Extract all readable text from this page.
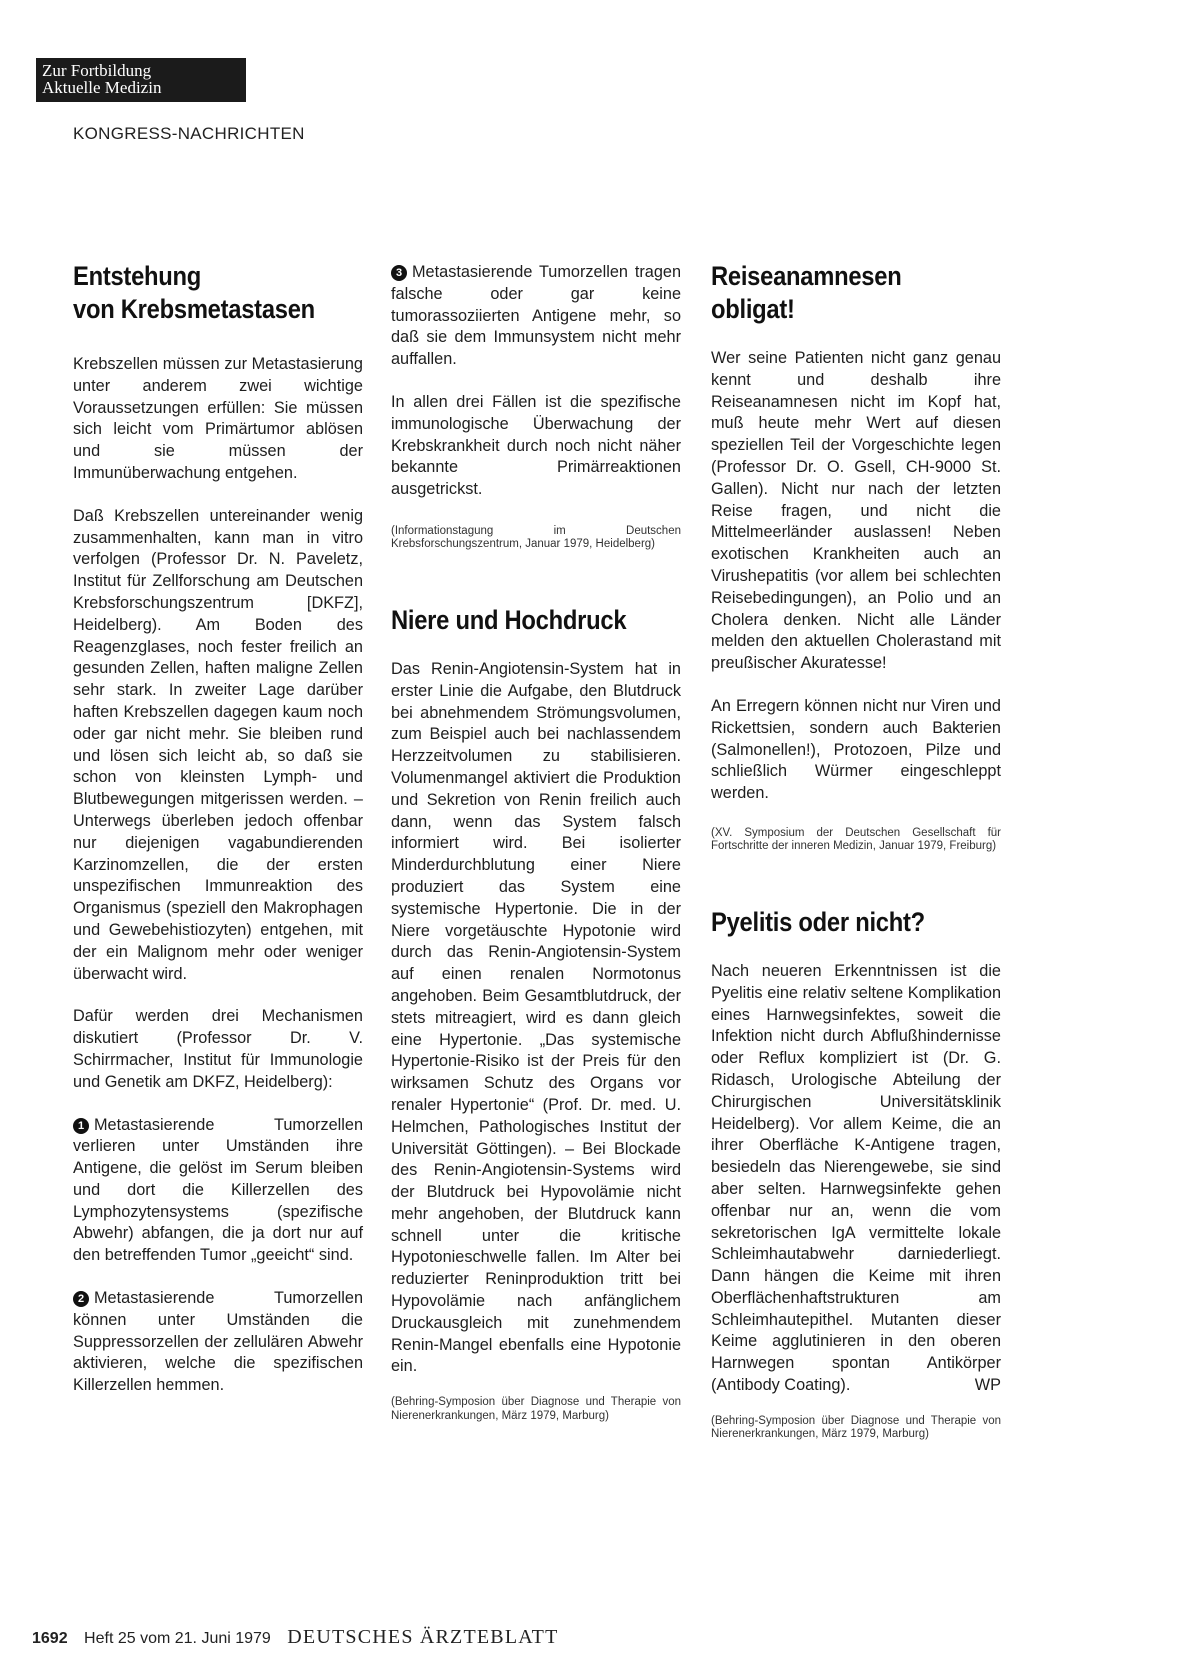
Zur Fortbildung
Aktuelle Medizin
KONGRESS-NACHRICHTEN
Entstehung
von Krebsmetastasen

Krebszellen müssen zur Metastasierung unter anderem zwei wichtige Voraussetzungen erfüllen: Sie müssen sich leicht vom Primärtumor ablösen und sie müssen der Immunüberwachung entgehen.

Daß Krebszellen untereinander wenig zusammenhalten, kann man in vitro verfolgen (Professor Dr. N. Paveletz, Institut für Zellforschung am Deutschen Krebsforschungszentrum [DKFZ], Heidelberg). Am Boden des Reagenzglases, noch fester freilich an gesunden Zellen, haften maligne Zellen sehr stark. In zweiter Lage darüber haften Krebszellen dagegen kaum noch oder gar nicht mehr. Sie bleiben rund und lösen sich leicht ab, so daß sie schon von kleinsten Lymph- und Blutbewegungen mitgerissen werden. – Unterwegs überleben jedoch offenbar nur diejenigen vagabundierenden Karzinomzellen, die der ersten unspezifischen Immunreaktion des Organismus (speziell den Makrophagen und Gewebehistiozyten) entgehen, mit der ein Malignom mehr oder weniger überwacht wird.

Dafür werden drei Mechanismen diskutiert (Professor Dr. V. Schirrmacher, Institut für Immunologie und Genetik am DKFZ, Heidelberg):

1 Metastasierende Tumorzellen verlieren unter Umständen ihre Antigene, die gelöst im Serum bleiben und dort die Killerzellen des Lymphozytensystems (spezifische Abwehr) abfangen, die ja dort nur auf den betreffenden Tumor „geeicht“ sind.

2 Metastasierende Tumorzellen können unter Umständen die Suppressorzellen der zellulären Abwehr aktivieren, welche die spezifischen Killerzellen hemmen.

3 Metastasierende Tumorzellen tragen falsche oder gar keine tumorassoziierten Antigene mehr, so daß sie dem Immunsystem nicht mehr auffallen.

In allen drei Fällen ist die spezifische immunologische Überwachung der Krebskrankheit durch noch nicht näher bekannte Primärreaktionen ausgetrickst.

(Informationstagung im Deutschen Krebsforschungszentrum, Januar 1979, Heidelberg)

Niere und Hochdruck

Das Renin-Angiotensin-System hat in erster Linie die Aufgabe, den Blutdruck bei abnehmendem Strömungsvolumen, zum Beispiel auch bei nachlassendem Herzzeitvolumen zu stabilisieren. Volumenmangel aktiviert die Produktion und Sekretion von Renin freilich auch dann, wenn das System falsch informiert wird. Bei isolierter Minderdurchblutung einer Niere produziert das System eine systemische Hypertonie. Die in der Niere vorgetäuschte Hypotonie wird durch das Renin-Angiotensin-System auf einen renalen Normotonus angehoben. Beim Gesamtblutdruck, der stets mitreagiert, wird es dann gleich eine Hypertonie. „Das systemische Hypertonie-Risiko ist der Preis für den wirksamen Schutz des Organs vor renaler Hypertonie“ (Prof. Dr. med. U. Helmchen, Pathologisches Institut der Universität Göttingen). – Bei Blockade des Renin-Angiotensin-Systems wird der Blutdruck bei Hypovolämie nicht mehr angehoben, der Blutdruck kann schnell unter die kritische Hypotonieschwelle fallen. Im Alter bei reduzierter Reninproduktion tritt bei Hypovolämie nach anfänglichem Druckausgleich mit zunehmendem Renin-Mangel ebenfalls eine Hypotonie ein.

(Behring-Symposion über Diagnose und Therapie von Nierenerkrankungen, März 1979, Marburg)

Reiseanamnesen
obligat!

Wer seine Patienten nicht ganz genau kennt und deshalb ihre Reiseanamnesen nicht im Kopf hat, muß heute mehr Wert auf diesen speziellen Teil der Vorgeschichte legen (Professor Dr. O. Gsell, CH-9000 St. Gallen). Nicht nur nach der letzten Reise fragen, und nicht die Mittelmeerländer auslassen! Neben exotischen Krankheiten auch an Virushepatitis (vor allem bei schlechten Reisebedingungen), an Polio und an Cholera denken. Nicht alle Länder melden den aktuellen Cholerastand mit preußischer Akuratesse!

An Erregern können nicht nur Viren und Rickettsien, sondern auch Bakterien (Salmonellen!), Protozoen, Pilze und schließlich Würmer eingeschleppt werden.

(XV. Symposium der Deutschen Gesellschaft für Fortschritte der inneren Medizin, Januar 1979, Freiburg)

Pyelitis oder nicht?

Nach neueren Erkenntnissen ist die Pyelitis eine relativ seltene Komplikation eines Harnwegsinfektes, soweit die Infektion nicht durch Abflußhindernisse oder Reflux kompliziert ist (Dr. G. Ridasch, Urologische Abteilung der Chirurgischen Universitätsklinik Heidelberg). Vor allem Keime, die an ihrer Oberfläche K-Antigene tragen, besiedeln das Nierengewebe, sie sind aber selten. Harnwegsinfekte gehen offenbar nur an, wenn die vom sekretorischen IgA vermittelte lokale Schleimhautabwehr darniederliegt. Dann hängen die Keime mit ihren Oberflächenhaftstrukturen am Schleimhautepithel. Mutanten dieser Keime agglutinieren in den oberen Harnwegen spontan Antikörper (Antibody Coating).	WP

(Behring-Symposion über Diagnose und Therapie von Nierenerkrankungen, März 1979, Marburg)

1692 Heft 25 vom 21. Juni 1979 DEUTSCHES ÄRZTEBLATT
